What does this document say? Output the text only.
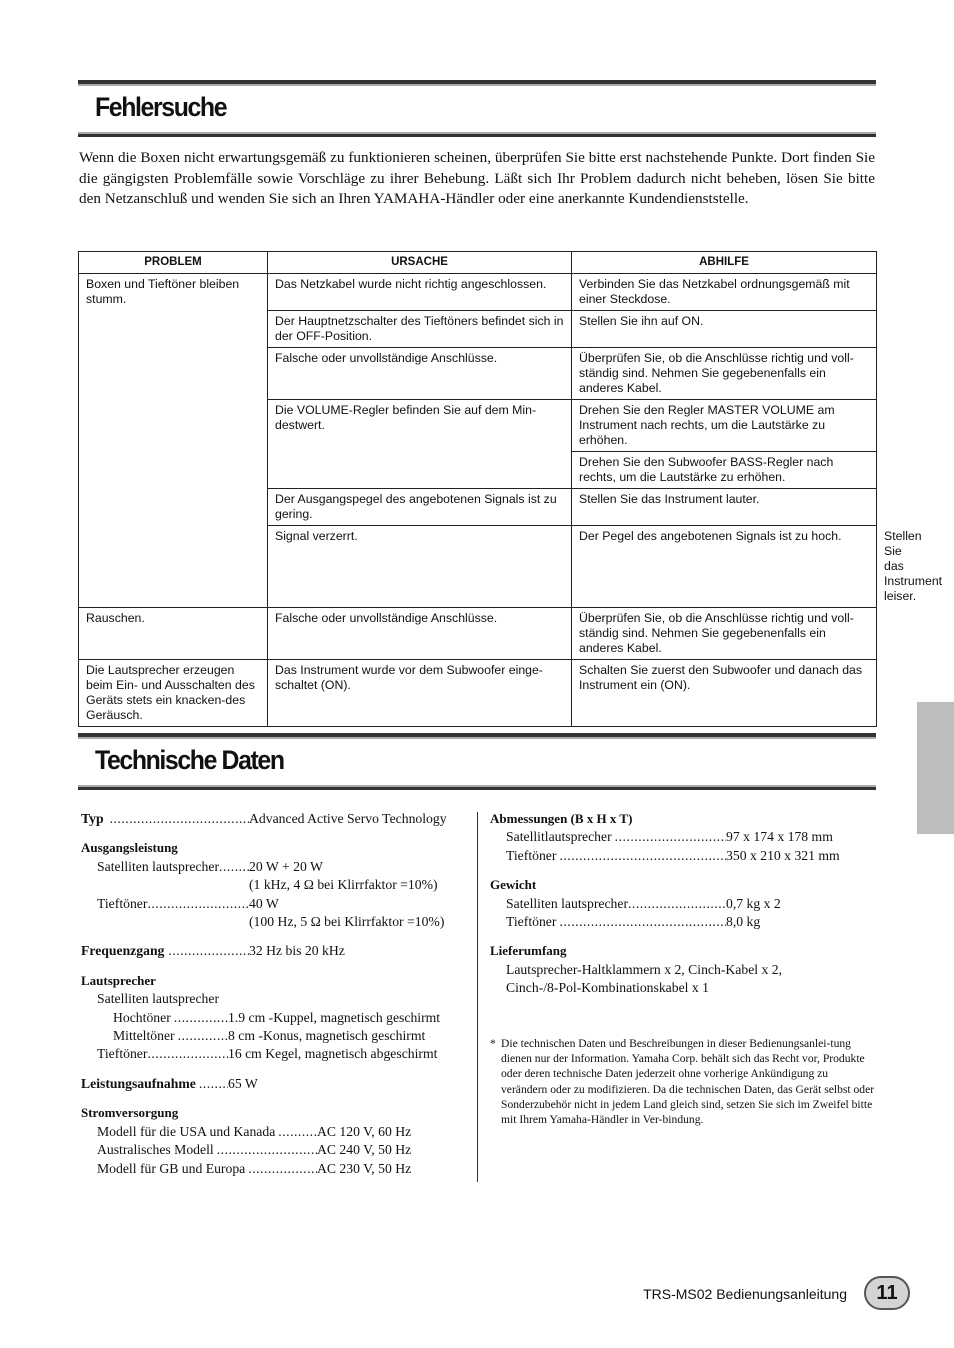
Fehlersuche

Wenn die Boxen nicht erwartungsgemäß zu funktionieren scheinen, überprüfen Sie bitte erst nachstehende Punkte. Dort finden Sie die gängigsten Problemfälle sowie Vorschläge zu ihrer Behebung. Läßt sich Ihr Problem dadurch nicht beheben, lösen Sie bitte den Netzanschluß und wenden Sie sich an Ihren YAMAHA-Händler oder eine anerkannte Kundendienststelle.

PROBLEM	URSACHE	ABHILFE	
Boxen und Tieftöner bleiben stumm.	Das Netzkabel wurde nicht richtig angeschlossen.	Verbinden Sie das Netzkabel ordnungsgemäß mit einer Steckdose.	
	Der Hauptnetzschalter des Tieftöners befindet sich in der OFF-Position.	Stellen Sie ihn auf ON.	
	Falsche oder unvollständige Anschlüsse.	Überprüfen Sie, ob die Anschlüsse richtig und voll-ständig sind. Nehmen Sie gegebenenfalls ein anderes Kabel.	
	Die VOLUME-Regler befinden Sie auf dem Min-destwert.	Drehen Sie den Regler MASTER VOLUME am Instrument nach rechts, um die Lautstärke zu erhöhen.	
		Drehen Sie den Subwoofer BASS-Regler nach rechts, um die Lautstärke zu erhöhen.	
	Der Ausgangspegel des angebotenen Signals ist zu gering.	Stellen Sie das Instrument lauter.	
	Signal verzerrt.	Der Pegel des angebotenen Signals ist zu hoch.	Stellen Sie das Instrument leiser.
Rauschen.	Falsche oder unvollständige Anschlüsse.	Überprüfen Sie, ob die Anschlüsse richtig und voll-ständig sind. Nehmen Sie gegebenenfalls ein anderes Kabel.	
Die Lautsprecher erzeugen beim Ein- und Ausschalten des Geräts stets ein knacken-des Geräusch.	Das Instrument wurde vor dem Subwoofer einge-schaltet (ON).	Schalten Sie zuerst den Subwoofer und danach das Instrument ein (ON).	
Technische Daten
Typ .....	Advanced Active Servo Technology
Ausgangsleistung
Satelliten lautsprecher ..... 20 W + 20 W
(1 kHz, 4 Ω bei Klirrfaktor =10%)
Tieftöner .....	40 W
(100 Hz, 5 Ω bei Klirrfaktor =10%)
Frequenzgang .....	32 Hz bis 20 kHz
Lautsprecher
Satelliten lautsprecher
Hochtöner .....	1.9 cm -Kuppel, magnetisch geschirmt
Mitteltöner .....	8 cm -Konus, magnetisch geschirmt
Tieftöner .....	16 cm Kegel, magnetisch abgeschirmt
Leistungsaufnahme ..... 65 W
Stromversorgung
Modell für die USA und Kanada .....	AC 120 V, 60 Hz
Australisches Modell .....	AC 240 V, 50 Hz
Modell für GB und Europa .....	AC 230 V, 50 Hz
Abmessungen (B x H x T)
Satellitlautsprecher .....	97 x 174 x 178 mm
Tieftöner .....	350 x 210 x 321 mm
Gewicht
Satelliten lautsprecher .....	0,7 kg x 2
Tieftöner .....	8,0 kg
Lieferumfang
Lautsprecher-Haltklammern x 2, Cinch-Kabel x 2,
Cinch-/8-Pol-Kombinationskabel x 1
* Die technischen Daten und Beschreibungen in dieser Bedienungsanlei-tung dienen nur der Information. Yamaha Corp. behält sich das Recht vor, Produkte oder deren technische Daten jederzeit ohne vorherige Ankündigung zu verändern oder zu modifizieren. Da die technischen Daten, das Gerät selbst oder Sonderzubehör nicht in jedem Land gleich sind, setzen Sie sich im Zweifel bitte mit Ihrem Yamaha-Händler in Ver-bindung.
TRS-MS02 Bedienungsanleitung	11
